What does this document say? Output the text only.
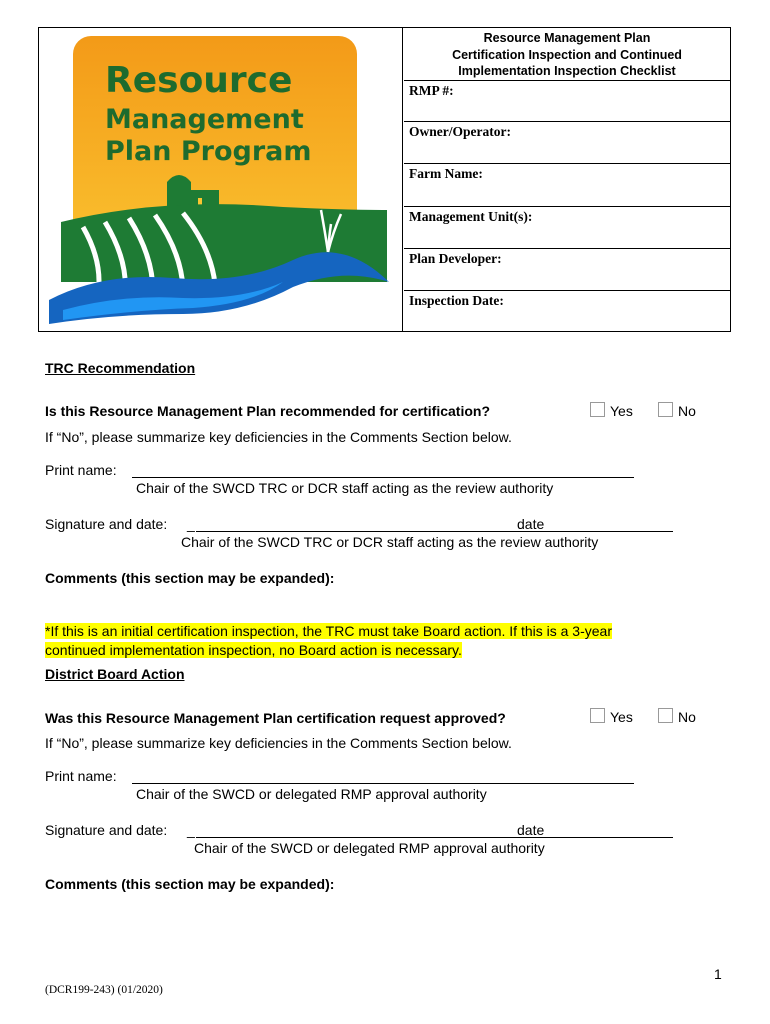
Resource
Management
Plan Program
Resource Management Plan
Certification Inspection and Continued
Implementation Inspection Checklist
RMP #:
Owner/Operator:
Farm Name:
Management Unit(s):
Plan Developer:
Inspection Date:
TRC Recommendation
Is this Resource Management Plan recommended for certification?	Yes	No
If “No”, please summarize key deficiencies in the Comments Section below.
Print name:
Chair of the SWCD TRC or DCR staff acting as the review authority
Signature and date: _	date
Chair of the SWCD TRC or DCR staff acting as the review authority
Comments (this section may be expanded):
*If this is an initial certification inspection, the TRC must take Board action. If this is a 3-year
continued implementation inspection, no Board action is necessary.
District Board Action
Was this Resource Management Plan certification request approved?	Yes	No
If “No”, please summarize key deficiencies in the Comments Section below.
Print name:
Chair of the SWCD or delegated RMP approval authority
Signature and date: _	date
Chair of the SWCD or delegated RMP approval authority
Comments (this section may be expanded):
1
(DCR199-243) (01/2020)
